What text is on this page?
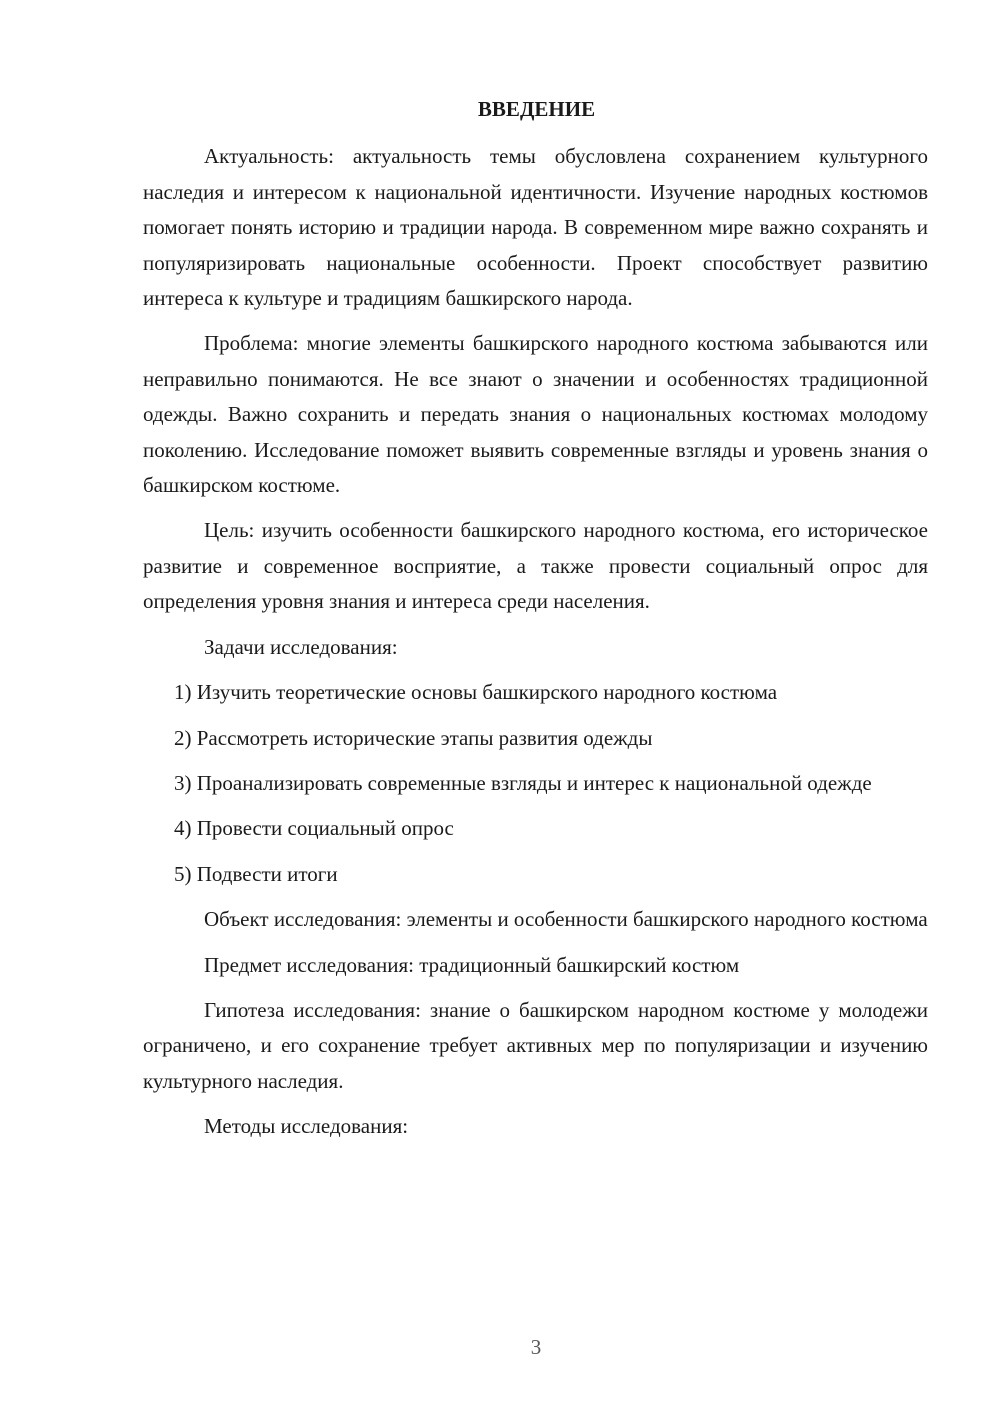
ВВЕДЕНИЕ

Актуальность: актуальность темы обусловлена сохранением культурного наследия и интересом к национальной идентичности. Изучение народных костюмов помогает понять историю и традиции народа. В современном мире важно сохранять и популяризировать национальные особенности. Проект способствует развитию интереса к культуре и традициям башкирского народа.

Проблема: многие элементы башкирского народного костюма забываются или неправильно понимаются. Не все знают о значении и особенностях традиционной одежды. Важно сохранить и передать знания о национальных костюмах молодому поколению. Исследование поможет выявить современные взгляды и уровень знания о башкирском костюме.

Цель: изучить особенности башкирского народного костюма, его историческое развитие и современное восприятие, а также провести социальный опрос для определения уровня знания и интереса среди населения.

Задачи исследования:

1) Изучить теоретические основы башкирского народного костюма

2) Рассмотреть исторические этапы развития одежды

3) Проанализировать современные взгляды и интерес к национальной одежде

4) Провести социальный опрос

5) Подвести итоги

Объект исследования: элементы и особенности башкирского народного костюма

Предмет исследования: традиционный башкирский костюм

Гипотеза исследования: знание о башкирском народном костюме у молодежи ограничено, и его сохранение требует активных мер по популяризации и изучению культурного наследия.

Методы исследования:

3
